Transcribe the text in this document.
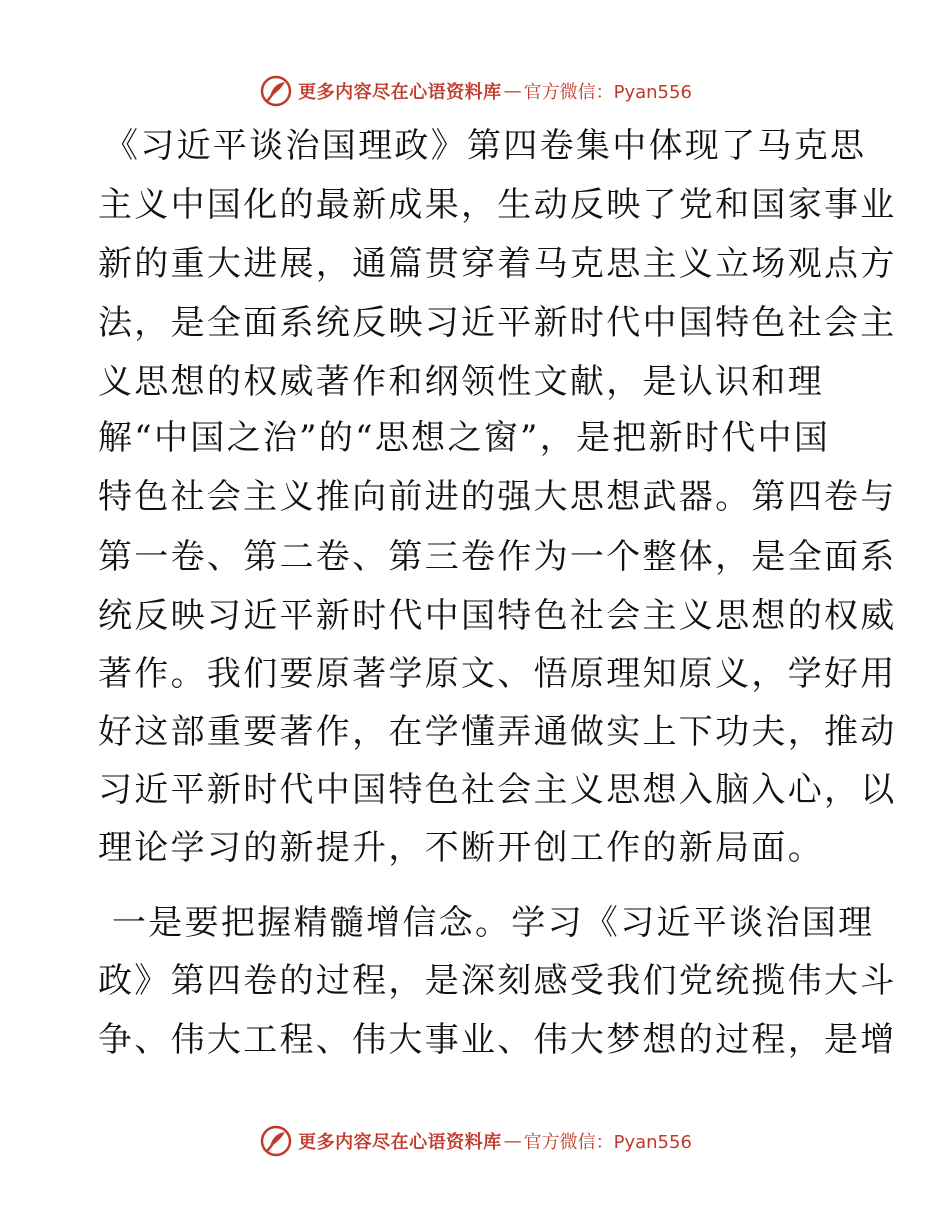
更多内容尽在心语资料库 — 官方微信：Pyan556
《习近平谈治国理政》第四卷集中体现了马克思
主义中国化的最新成果，生动反映了党和国家事业
新的重大进展，通篇贯穿着马克思主义立场观点方
法，是全面系统反映习近平新时代中国特色社会主
义思想的权威著作和纲领性文献，是认识和理
解“中国之治”的“思想之窗”，是把新时代中国
特色社会主义推向前进的强大思想武器。第四卷与
第一卷、第二卷、第三卷作为一个整体，是全面系
统反映习近平新时代中国特色社会主义思想的权威
著作。我们要原著学原文、悟原理知原义，学好用
好这部重要著作，在学懂弄通做实上下功夫，推动
习近平新时代中国特色社会主义思想入脑入心，以
理论学习的新提升，不断开创工作的新局面。
一是要把握精髓增信念。学习《习近平谈治国理
政》第四卷的过程，是深刻感受我们党统揽伟大斗
争、伟大工程、伟大事业、伟大梦想的过程，是增
更多内容尽在心语资料库 — 官方微信：Pyan556
